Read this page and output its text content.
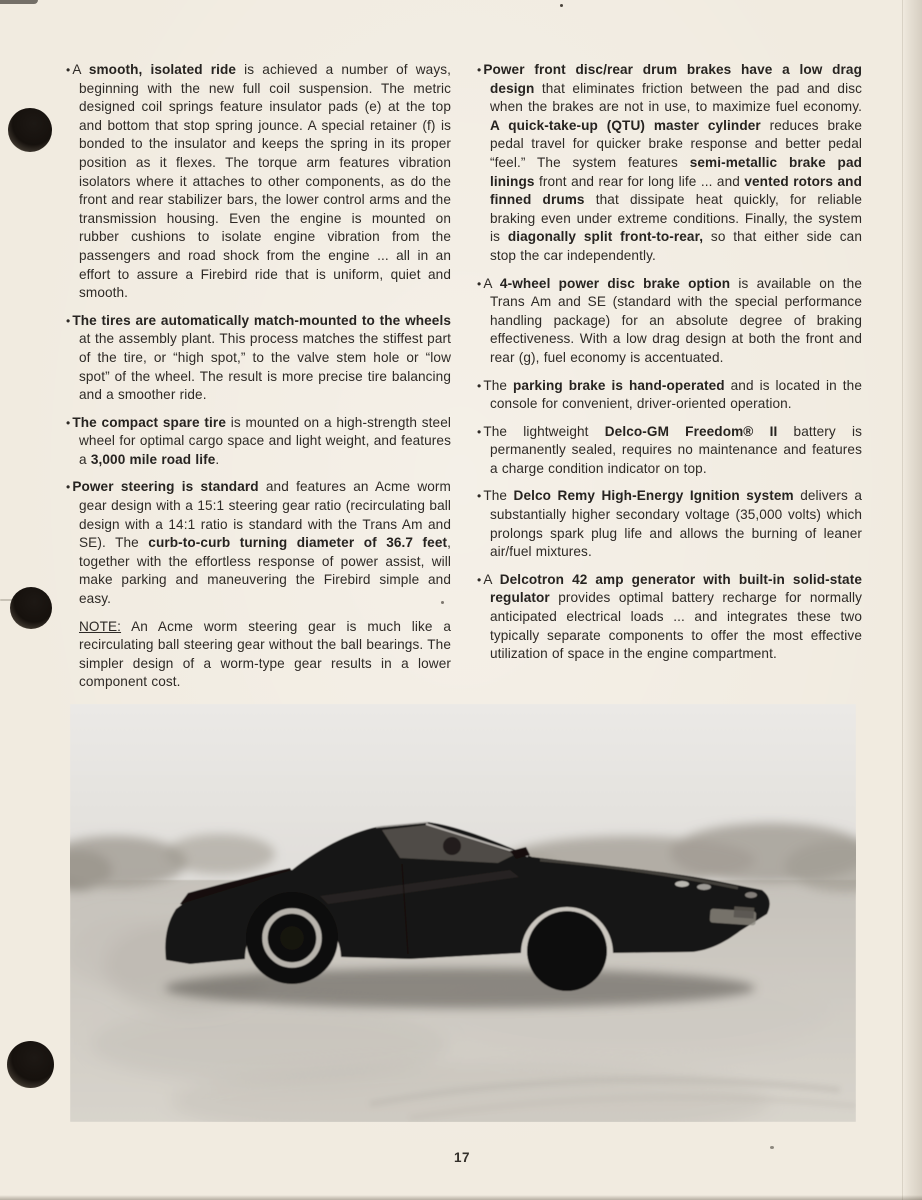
• A smooth, isolated ride is achieved a number of ways, beginning with the new full coil suspension. The metric designed coil springs feature insulator pads (e) at the top and bottom that stop spring jounce. A special retainer (f) is bonded to the insulator and keeps the spring in its proper position as it flexes. The torque arm features vibration isolators where it attaches to other components, as do the front and rear stabilizer bars, the lower control arms and the transmission housing. Even the engine is mounted on rubber cushions to isolate engine vibration from the passengers and road shock from the engine ... all in an effort to assure a Firebird ride that is uniform, quiet and smooth.

• The tires are automatically match-mounted to the wheels at the assembly plant. This process matches the stiffest part of the tire, or “high spot,” to the valve stem hole or “low spot” of the wheel. The result is more precise tire balancing and a smoother ride.

• The compact spare tire is mounted on a high-strength steel wheel for optimal cargo space and light weight, and features a 3,000 mile road life.

• Power steering is standard and features an Acme worm gear design with a 15:1 steering gear ratio (recirculating ball design with a 14:1 ratio is standard with the Trans Am and SE). The curb-to-curb turning diameter of 36.7 feet, together with the effortless response of power assist, will make parking and maneuvering the Firebird simple and easy.

NOTE: An Acme worm steering gear is much like a recirculating ball steering gear without the ball bearings. The simpler design of a worm-type gear results in a lower component cost.

• Power front disc/rear drum brakes have a low drag design that eliminates friction between the pad and disc when the brakes are not in use, to maximize fuel economy. A quick-take-up (QTU) master cylinder reduces brake pedal travel for quicker brake response and better pedal “feel.” The system features semi-metallic brake pad linings front and rear for long life ... and vented rotors and finned drums that dissipate heat quickly, for reliable braking even under extreme conditions. Finally, the system is diagonally split front-to-rear, so that either side can stop the car independently.

• A 4-wheel power disc brake option is available on the Trans Am and SE (standard with the special performance handling package) for an absolute degree of braking effectiveness. With a low drag design at both the front and rear (g), fuel economy is accentuated.

• The parking brake is hand-operated and is located in the console for convenient, driver-oriented operation.

• The lightweight Delco-GM Freedom® II battery is permanently sealed, requires no maintenance and features a charge condition indicator on top.

• The Delco Remy High-Energy Ignition system delivers a substantially higher secondary voltage (35,000 volts) which prolongs spark plug life and allows the burning of leaner air/fuel mixtures.

• A Delcotron 42 amp generator with built-in solid-state regulator provides optimal battery recharge for normally anticipated electrical loads ... and integrates these two typically separate components to offer the most effective utilization of space in the engine compartment.

17
